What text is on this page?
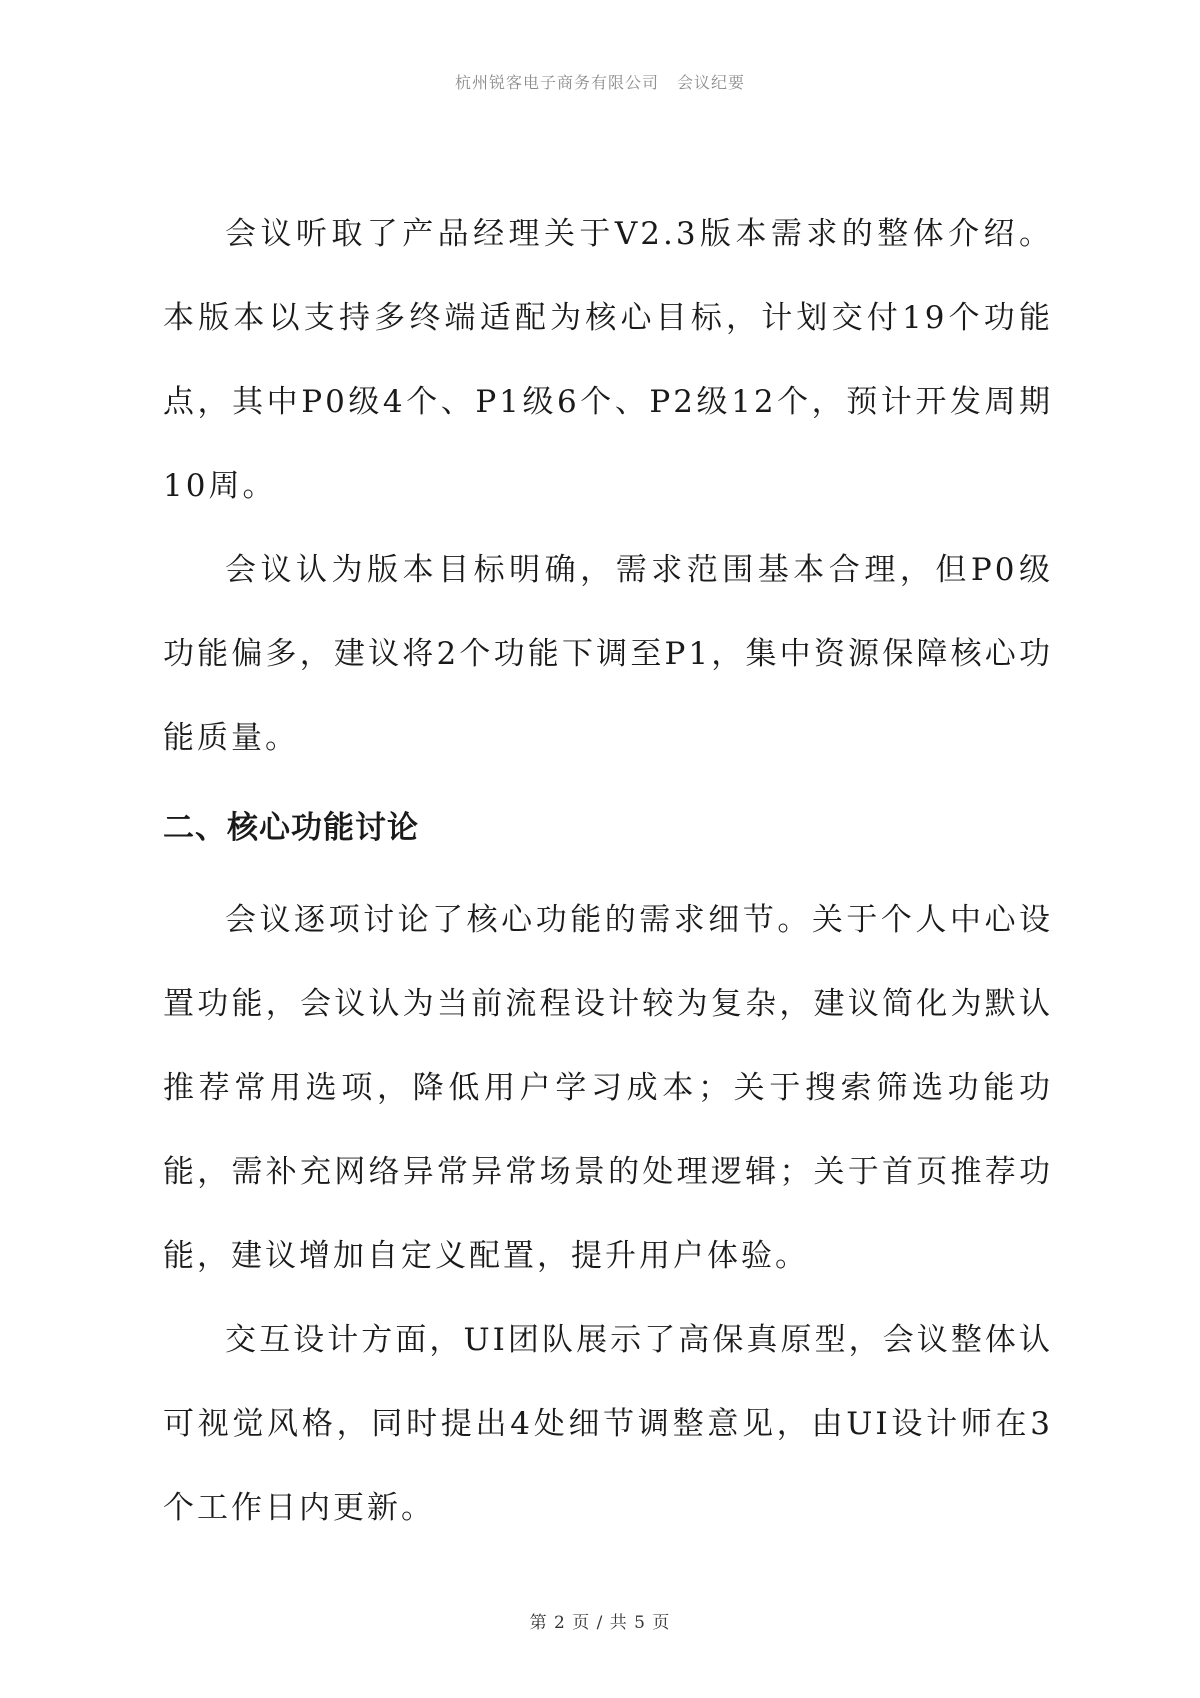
杭州锐客电子商务有限公司 会议纪要

会议听取了产品经理关于V2.3版本需求的整体介绍。本版本以支持多终端适配为核心目标，计划交付19个功能点，其中P0级4个、P1级6个、P2级12个，预计开发周期10周。

会议认为版本目标明确，需求范围基本合理，但P0级功能偏多，建议将2个功能下调至P1，集中资源保障核心功能质量。

二、核心功能讨论

会议逐项讨论了核心功能的需求细节。关于个人中心设置功能，会议认为当前流程设计较为复杂，建议简化为默认推荐常用选项，降低用户学习成本；关于搜索筛选功能功能，需补充网络异常异常场景的处理逻辑；关于首页推荐功能，建议增加自定义配置，提升用户体验。

交互设计方面，UI团队展示了高保真原型，会议整体认可视觉风格，同时提出4处细节调整意见，由UI设计师在3个工作日内更新。

第 2 页 / 共 5 页
